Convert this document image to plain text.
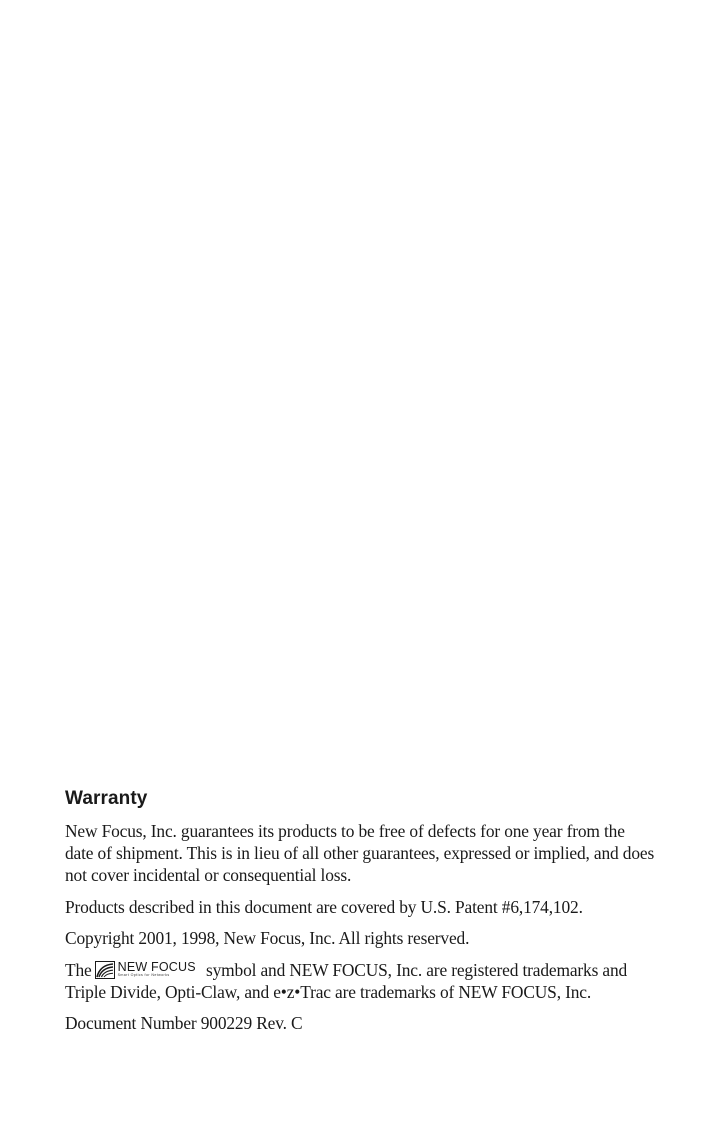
Warranty

New Focus, Inc. guarantees its products to be free of defects for one year from the date of shipment. This is in lieu of all other guarantees, expressed or implied, and does not cover incidental or consequential loss.

Products described in this document are covered by U.S. Patent #6,174,102.

Copyright 2001, 1998, New Focus, Inc. All rights reserved.

The NEW FOCUS
Smart Optics for Networks	symbol and NEW FOCUS, Inc. are registered trademarks and Triple Divide, Opti-Claw, and e•z•Trac are trademarks of NEW FOCUS, Inc.

Document Number 900229 Rev. C
